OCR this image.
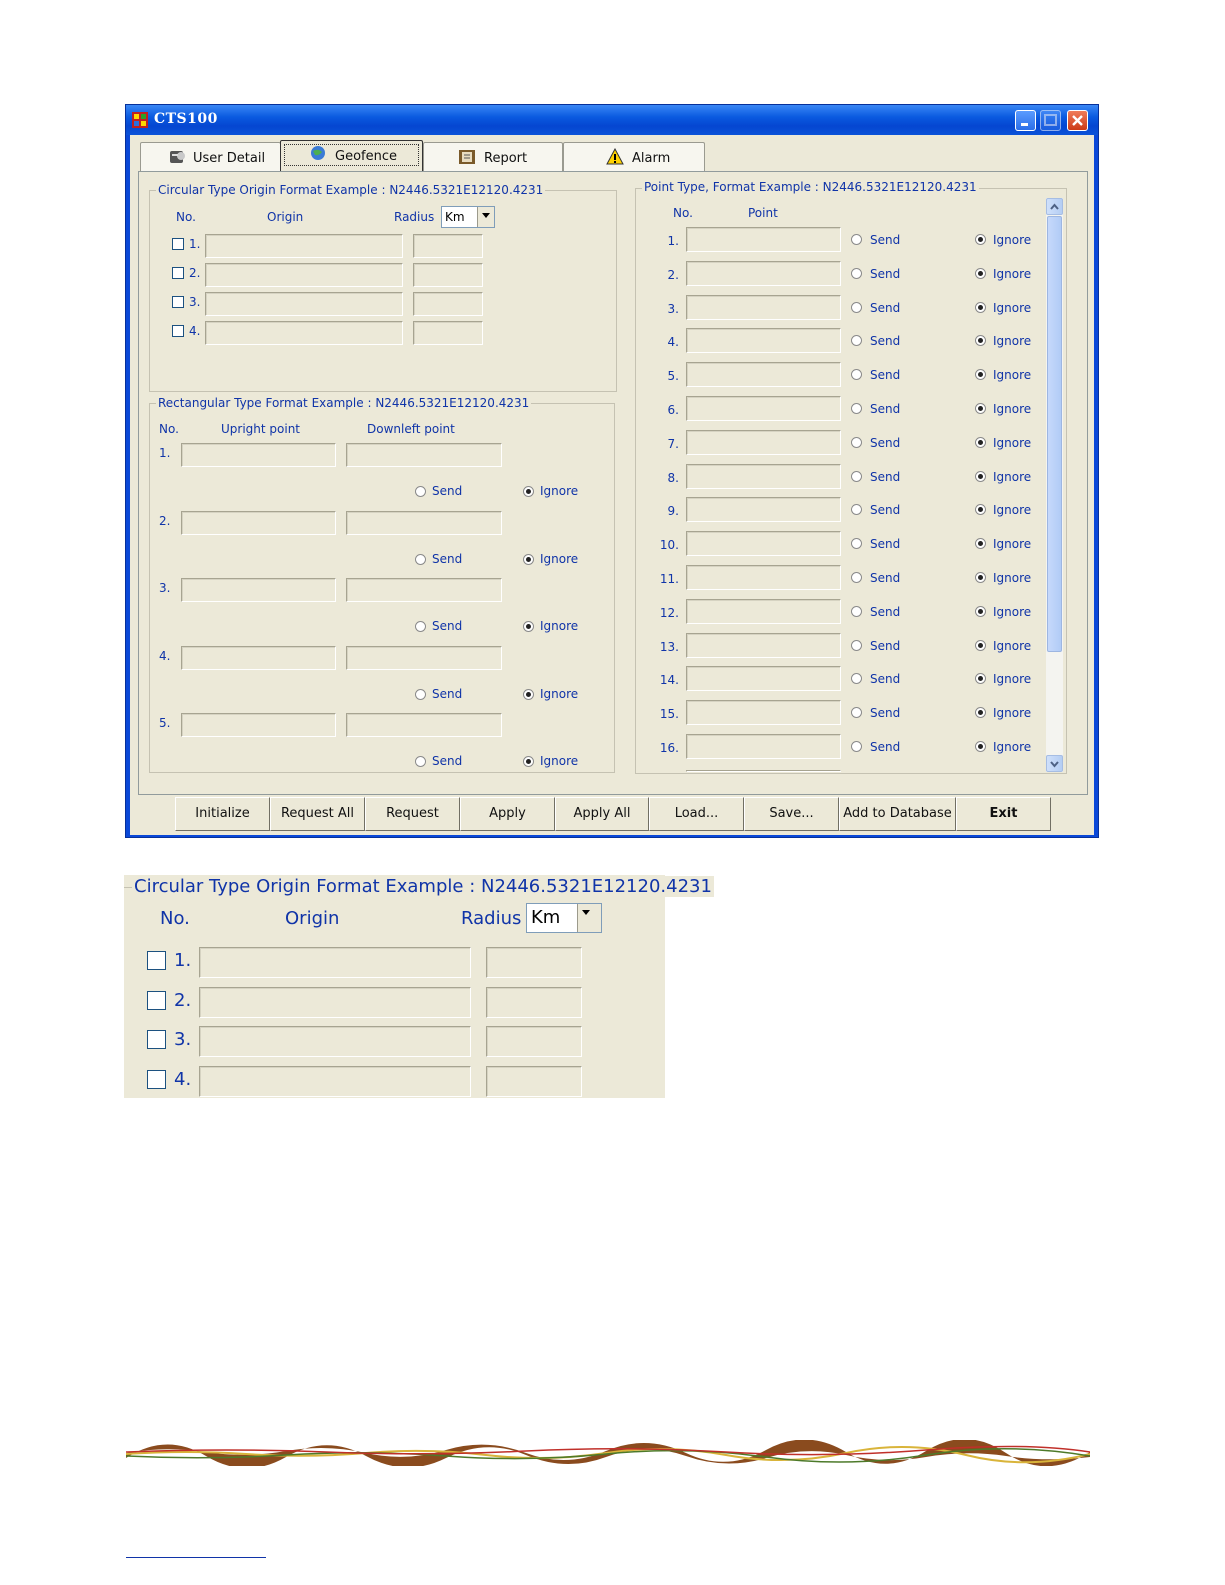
CTS100
User Detail	Geofence	Report	Alarm
Circular Type Origin Format Example : N2446.5321E12120.4231
No.	Origin	Radius Km
1.
2.
3.
4.
Rectangular Type Format Example : N2446.5321E12120.4231
No.	Upright point	Downleft point
1.
Send	Ignore
2.
Send	Ignore
3.
Send	Ignore
4.
Send	Ignore
5.
Send	Ignore
Point Type, Format Example : N2446.5321E12120.4231
No.	Point
1.	Send	Ignore
2.	Send	Ignore
3.	Send	Ignore
4.	Send	Ignore
5.	Send	Ignore
6.	Send	Ignore
7.	Send	Ignore
8.	Send	Ignore
9.	Send	Ignore
10.	Send	Ignore
11.	Send	Ignore
12.	Send	Ignore
13.	Send	Ignore
14.	Send	Ignore
15.	Send	Ignore
16.	Send	Ignore
Initialize	Request All	Request	Apply	Apply All	Load...	Save...	Add to Database	Exit
Circular Type Origin Format Example : N2446.5321E12120.4231
No.	Origin	Radius Km
1.
2.
3.
4.
